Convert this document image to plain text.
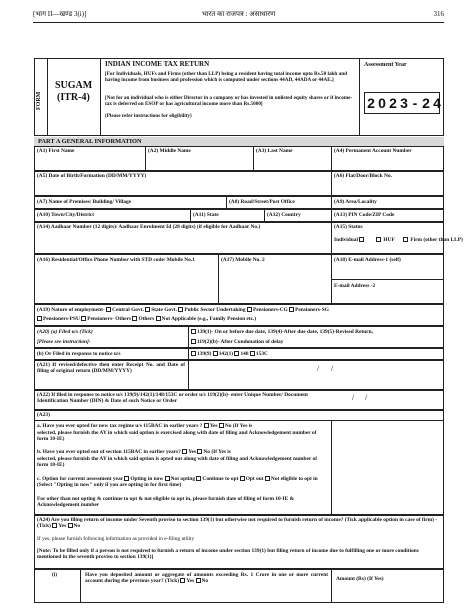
[भाग II—खण्ड 3(i)]	भारत का राजपत्र : असाधारण	316
FORM
SUGAM
(ITR-4)
INDIAN INCOME TAX RETURN
[For Individuals, HUFs and Firms (other than LLP) being a resident having total income upto Rs.50 lakh and having income from business and profession which is computed under sections 44AD, 44ADA or 44AE.]
[Not for an individual who is either Director in a company or has invested in unlisted equity shares or if income-tax is deferred on ESOP or has agricultural income more than Rs.5000]
(Please refer instructions for eligibility)
Assessment Year
2 0 2 3 - 2 4
PART A GENERAL INFORMATION
(A1) First Name	(A2) Middle Name	(A3) Last Name	(A4) Permanent Account Number
(A5) Date of Birth/Formation (DD/MM/YYYY)	(A6) Flat/Door/Block No.
(A7) Name of Premises/ Building/ Village	(A8) Road/Street/Post Office	(A9) Area/Locality
(A10) Town/City/District	(A11) State	(A12) Country	(A13) PIN Code/ZIP Code
(A14) Aadhaar Number (12 digits)/ Aadhaar Enrolment Id (28 digits) (if eligible for Aadhaar No.)	(A15) Status
Individual	HUF	Firm (other than LLP)
(A16) Residential/Office Phone Number with STD code/ Mobile No.1	(A17) Mobile No. 2	(A18) E-mail Address-1 (self)
E-mail Address -2
(A19) Nature of employment- Central Govt. State Govt. Public Sector Undertaking Pensioners-CG Pensioners-SG
Pensioners-PSU Pensioners- Others Others Not Applicable (e.g., Family Pension etc.)
(A20) (a) Filed u/s (Tick)
[Please see instruction]-
139(1)- On or before due date, 139(4)-After due date, 139(5)-Revised Return,
119(2)(b)- After Condonation of delay
(b) Or Filed in response to notice u/s	139(9) 142(1) 148 153C
(A21) If revised/defective then enter Receipt No. and Date of filing of original return (DD/MM/YYYY)	/ /
(A22) If filed in response to notice u/s 139(9)/142(1)/148/153C or order u/s 119(2)(b)- enter Unique Number/ Document Identification Number (DIN) & Date of such Notice or Order	/ /
(A23)
a. Have you ever opted for new tax regime u/s 115BAC in earlier years ? Yes No (If Yes is
selected, please furnish the AY in which said option is exercised along with date of filing and Acknowledgement number of form 10-IE)
b. Have you ever opted out of section 115BAC in earlier years? Yes No (If Yes is
selected, please furnish the AY in which said option is opted out along with date of filing and Acknowledgement number of form 10-IE)
c. Option for current assessment year Opting in now Not opting Continue to opt Opt out Not eligible to opt in (Select "Opting in now" only if you are opting in for first time)
For other than not opting & continue to opt & not eligible to opt in, please furnish date of filing of form 10-IE & Acknowledgement number
(A24) Are you filing return of income under Seventh proviso to section 139(1) but otherwise not required to furnish return of income? (Tick applicable option in case of firm) - (Tick) Yes No
If yes, please furnish following information as provided in e-filing utility
[Note: To be filled only if a person is not required to furnish a return of income under section 139(1) but filing return of income due to fulfilling one or more conditions mentioned in the seventh proviso to section 139(1)]
(i)	Have you deposited amount or aggregate of amounts exceeding Rs. 1 Crore in one or more current account during the previous year? (Tick) Yes No	Amount (Rs) (If Yes)
